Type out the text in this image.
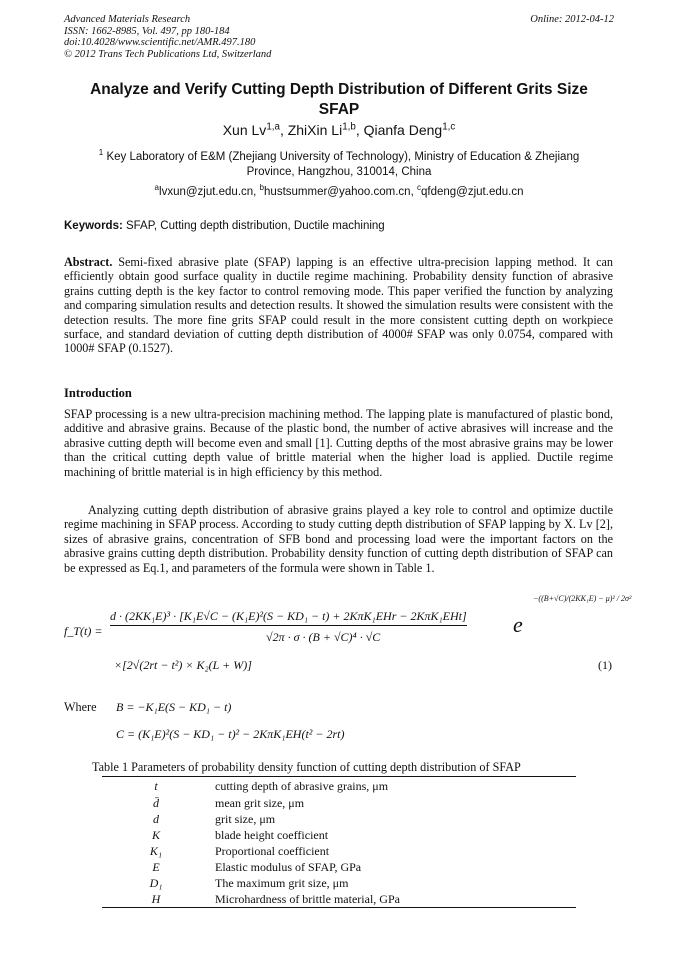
Advanced Materials Research
ISSN: 1662-8985, Vol. 497, pp 180-184
doi:10.4028/www.scientific.net/AMR.497.180
© 2012 Trans Tech Publications Ltd, Switzerland
Online: 2012-04-12
Analyze and Verify Cutting Depth Distribution of Different Grits Size
SFAP
Xun Lv$^{1,a}$, ZhiXin Li$^{1,b}$, Qianfa Deng$^{1,c}$
$^1$ Key Laboratory of E&M (Zhejiang University of Technology), Ministry of Education & Zhejiang
Province, Hangzhou, 310014, China
$^a$lvxun@zjut.edu.cn, $^b$hustsummer@yahoo.com.cn, $^c$qfdeng@zjut.edu.cn
Keywords: SFAP, Cutting depth distribution, Ductile machining
Abstract. Semi-fixed abrasive plate (SFAP) lapping is an effective ultra-precision lapping method. It can efficiently obtain good surface quality in ductile regime machining. Probability density function of abrasive grains cutting depth is the key factor to control removing mode. This paper verified the function by analyzing and comparing simulation results and detection results. It showed the simulation results were consistent with the detection results. The more fine grits SFAP could result in the more consistent cutting depth on workpiece surface, and standard deviation of cutting depth distribution of 4000# SFAP was only 0.0754, compared with 1000# SFAP (0.1527).
Introduction
SFAP processing is a new ultra-precision machining method. The lapping plate is manufactured of plastic bond, additive and abrasive grains. Because of the plastic bond, the number of active abrasives will increase and the abrasive cutting depth will become even and small [1]. Cutting depths of the most abrasive grains may be lower than the critical cutting depth value of brittle material when the higher load is applied. Ductile regime machining of brittle material is in high efficiency by this method.
Analyzing cutting depth distribution of abrasive grains played a key role to control and optimize ductile regime machining in SFAP process. According to study cutting depth distribution of SFAP lapping by X. Lv [2], sizes of abrasive grains, concentration of SFB bond and processing load were the important factors on the abrasive grains cutting depth distribution. Probability density function of cutting depth distribution of SFAP can be expressed as Eq.1, and parameters of the formula were shown in Table 1.
f_T(t) =
d · (2KK₁E)³ · [K₁E√C − (K₁E)²(S − KD₁ − t) + 2KπK₁EHr − 2KπK₁EHt]
√2π · σ · (B + √C)⁴ · √C	e
−((B+√C)/(2KK₁E) − μ)² / 2σ²
×[2√(2rt − t²) × K₂(L + W)]	(1)
Where B = −K₁E(S − KD₁ − t)
C = (K₁E)²(S − KD₁ − t)² − 2KπK₁EH(t² − 2rt)
Table 1 Parameters of probability density function of cutting depth distribution of SFAP
t	cutting depth of abrasive grains, μm
d̄	mean grit size, μm
d	grit size, μm
K	blade height coefficient
K₁	Proportional coefficient
E	Elastic modulus of SFAP, GPa
D₁	The maximum grit size, μm
H	Microhardness of brittle material, GPa
